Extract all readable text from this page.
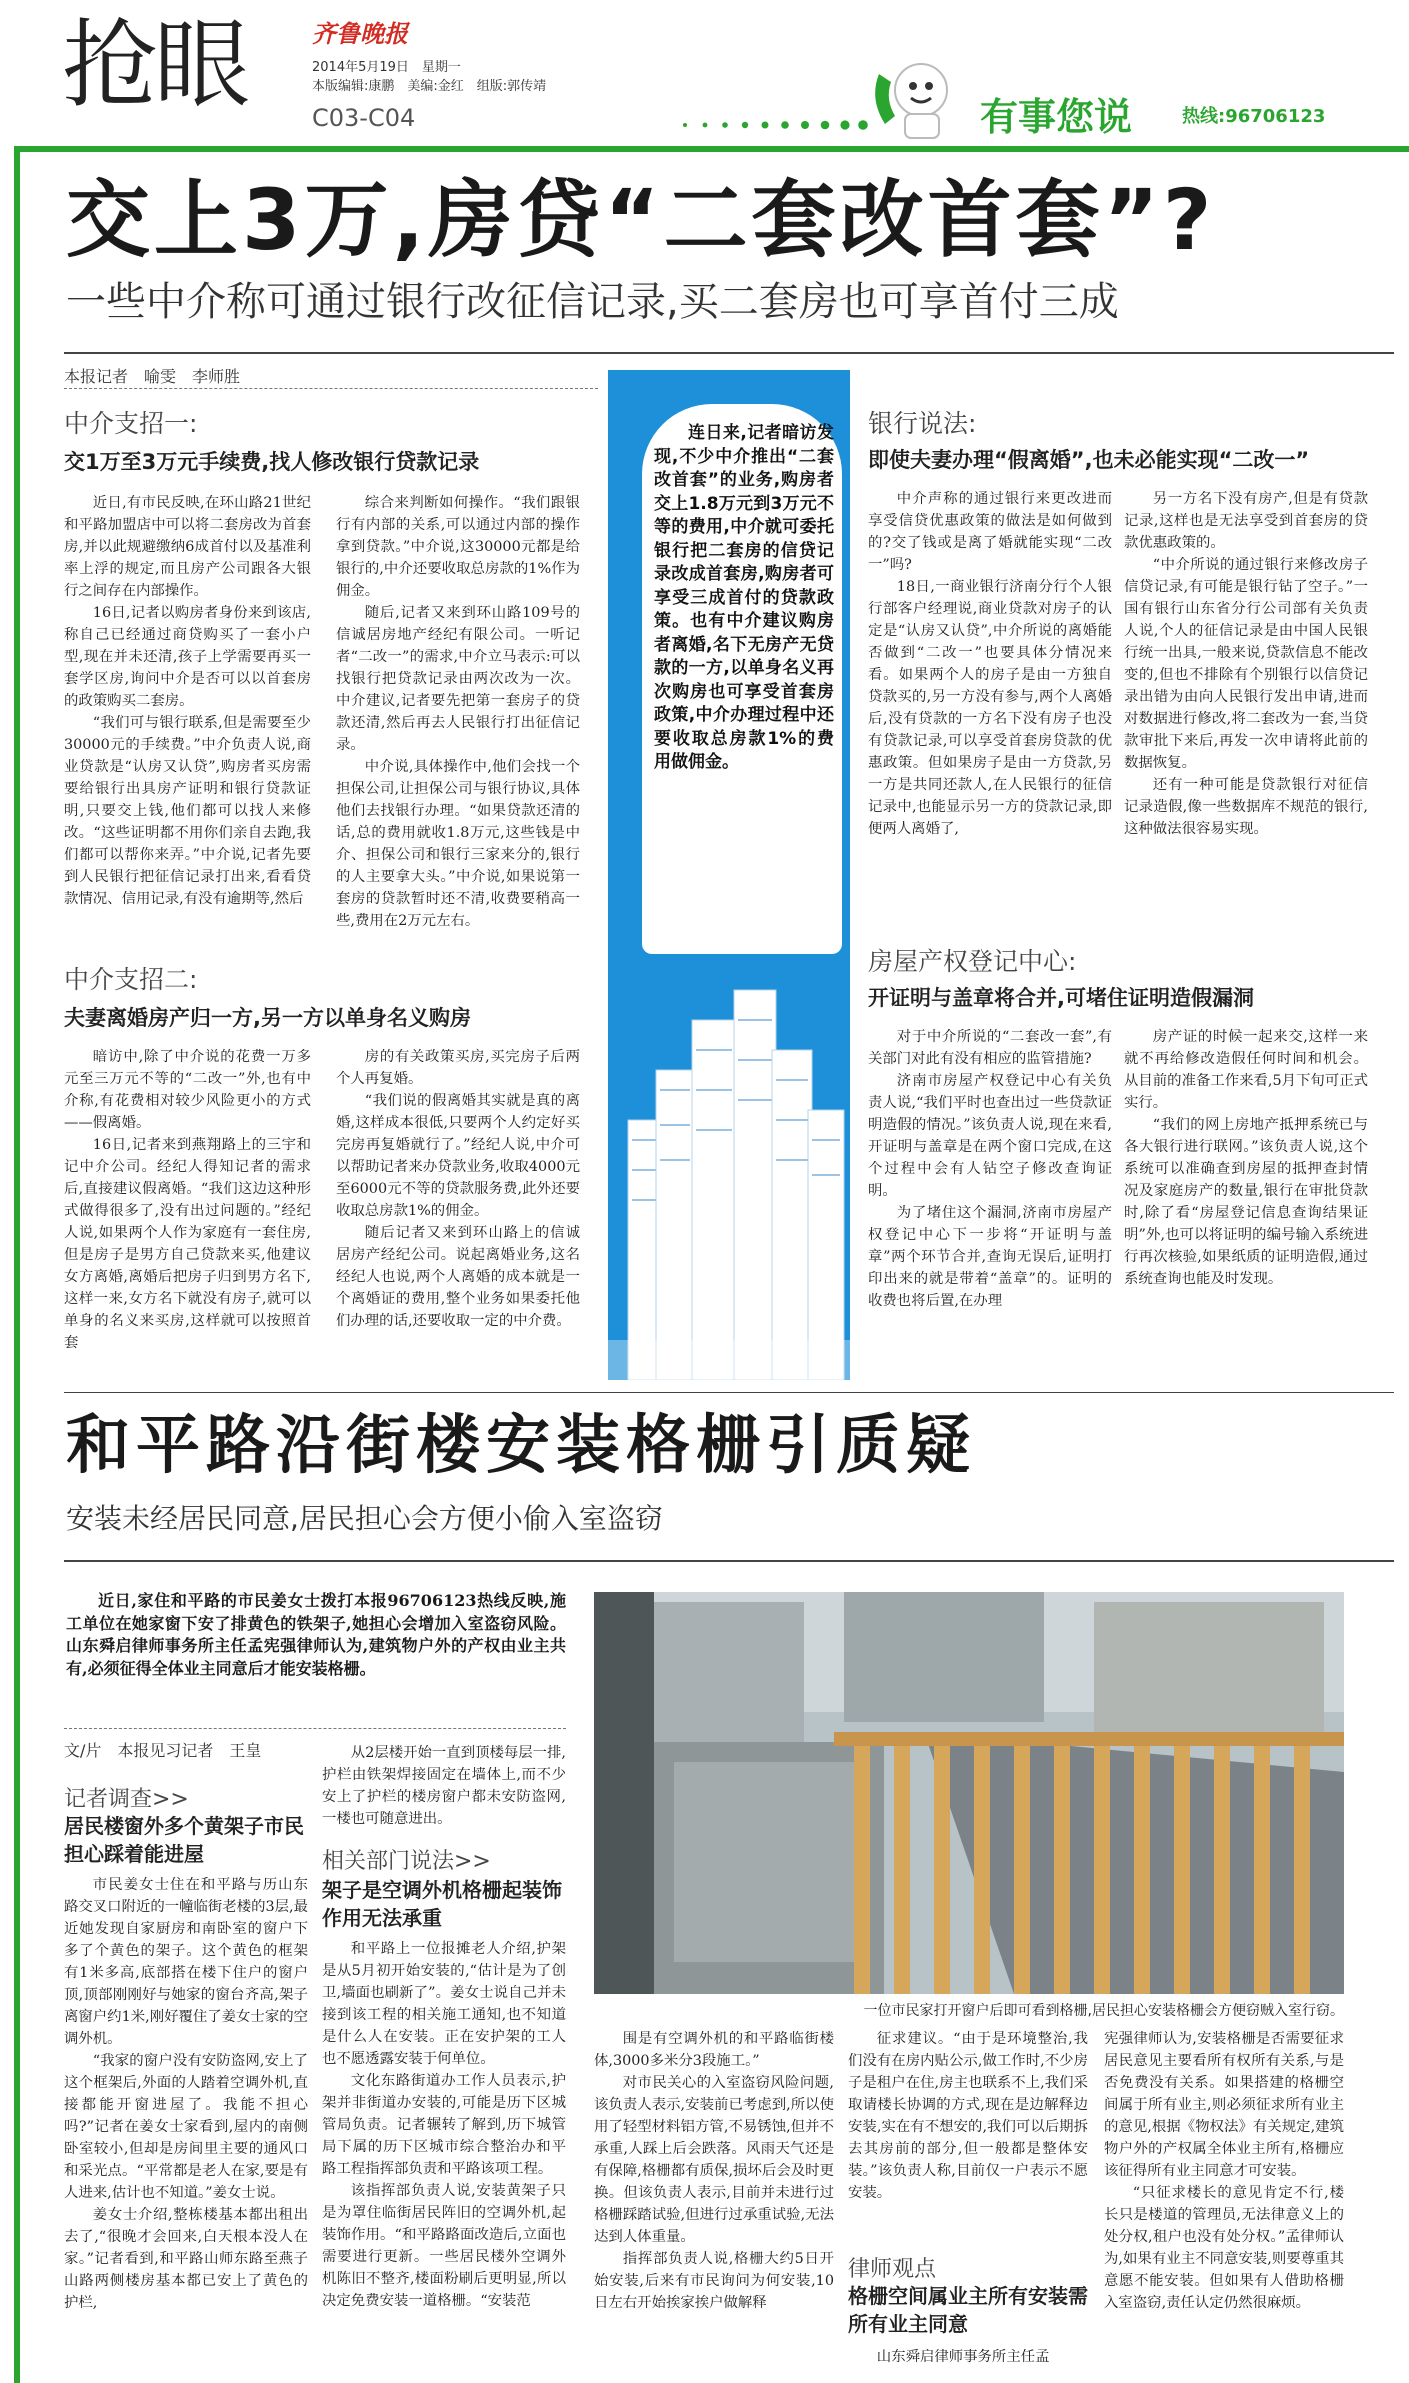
抢眼	齐鲁晚报
2014年5月19日　星期一
本版编辑:康鹏　美编:金红　组版:郭传靖
C03-C04	有事您说	热线:96706123
交上3万,房贷“二套改首套”?
一些中介称可通过银行改征信记录,买二套房也可享首付三成
本报记者　喻雯　李师胜
中介支招一:
交1万至3万元手续费,找人修改银行贷款记录

近日,有市民反映,在环山路21世纪和平路加盟店中可以将二套房改为首套房,并以此规避缴纳6成首付以及基准利率上浮的规定,而且房产公司跟各大银行之间存在内部操作。

16日,记者以购房者身份来到该店,称自己已经通过商贷购买了一套小户型,现在并未还清,孩子上学需要再买一套学区房,询问中介是否可以以首套房的政策购买二套房。

“我们可与银行联系,但是需要至少30000元的手续费。”中介负责人说,商业贷款是“认房又认贷”,购房者买房需要给银行出具房产证明和银行贷款证明,只要交上钱,他们都可以找人来修改。“这些证明都不用你们亲自去跑,我们都可以帮你来弄。”中介说,记者先要到人民银行把征信记录打出来,看看贷款情况、信用记录,有没有逾期等,然后

综合来判断如何操作。“我们跟银行有内部的关系,可以通过内部的操作拿到贷款。”中介说,这30000元都是给银行的,中介还要收取总房款的1%作为佣金。

随后,记者又来到环山路109号的信诚居房地产经纪有限公司。一听记者“二改一”的需求,中介立马表示:可以找银行把贷款记录由两次改为一次。中介建议,记者要先把第一套房子的贷款还清,然后再去人民银行打出征信记录。

中介说,具体操作中,他们会找一个担保公司,让担保公司与银行协议,具体他们去找银行办理。“如果贷款还清的话,总的费用就收1.8万元,这些钱是中介、担保公司和银行三家来分的,银行的人主要拿大头。”中介说,如果说第一套房的贷款暂时还不清,收费要稍高一些,费用在2万元左右。

中介支招二:
夫妻离婚房产归一方,另一方以单身名义购房

暗访中,除了中介说的花费一万多元至三万元不等的“二改一”外,也有中介称,有花费相对较少风险更小的方式——假离婚。

16日,记者来到燕翔路上的三宇和记中介公司。经纪人得知记者的需求后,直接建议假离婚。“我们这边这种形式做得很多了,没有出过问题的。”经纪人说,如果两个人作为家庭有一套住房,但是房子是男方自己贷款来买,他建议女方离婚,离婚后把房子归到男方名下,这样一来,女方名下就没有房子,就可以单身的名义来买房,这样就可以按照首套

房的有关政策买房,买完房子后两个人再复婚。

“我们说的假离婚其实就是真的离婚,这样成本很低,只要两个人约定好买完房再复婚就行了。”经纪人说,中介可以帮助记者来办贷款业务,收取4000元至6000元不等的贷款服务费,此外还要收取总房款1%的佣金。

随后记者又来到环山路上的信诚居房产经纪公司。说起离婚业务,这名经纪人也说,两个人离婚的成本就是一个离婚证的费用,整个业务如果委托他们办理的话,还要收取一定的中介费。

连日来,记者暗访发现,不少中介推出“二套改首套”的业务,购房者交上1.8万元到3万元不等的费用,中介就可委托银行把二套房的信贷记录改成首套房,购房者可享受三成首付的贷款政策。也有中介建议购房者离婚,名下无房产无贷款的一方,以单身名义再次购房也可享受首套房政策,中介办理过程中还要收取总房款1%的费用做佣金。
银行说法:
即使夫妻办理“假离婚”,也未必能实现“二改一”

中介声称的通过银行来更改进而享受信贷优惠政策的做法是如何做到的?交了钱或是离了婚就能实现“二改一”吗?

18日,一商业银行济南分行个人银行部客户经理说,商业贷款对房子的认定是“认房又认贷”,中介所说的离婚能否做到“二改一”也要具体分情况来看。如果两个人的房子是由一方独自贷款买的,另一方没有参与,两个人离婚后,没有贷款的一方名下没有房子也没有贷款记录,可以享受首套房贷款的优惠政策。但如果房子是由一方贷款,另一方是共同还款人,在人民银行的征信记录中,也能显示另一方的贷款记录,即便两人离婚了,

另一方名下没有房产,但是有贷款记录,这样也是无法享受到首套房的贷款优惠政策的。

“中介所说的通过银行来修改房子信贷记录,有可能是银行钻了空子。”一国有银行山东省分行公司部有关负责人说,个人的征信记录是由中国人民银行统一出具,一般来说,贷款信息不能改变的,但也不排除有个别银行以信贷记录出错为由向人民银行发出申请,进而对数据进行修改,将二套改为一套,当贷款审批下来后,再发一次申请将此前的数据恢复。

还有一种可能是贷款银行对征信记录造假,像一些数据库不规范的银行,这种做法很容易实现。

房屋产权登记中心:
开证明与盖章将合并,可堵住证明造假漏洞

对于中介所说的“二套改一套”,有关部门对此有没有相应的监管措施?

济南市房屋产权登记中心有关负责人说,“我们平时也查出过一些贷款证明造假的情况。”该负责人说,现在来看,开证明与盖章是在两个窗口完成,在这个过程中会有人钻空子修改查询证明。

为了堵住这个漏洞,济南市房屋产权登记中心下一步将“开证明与盖章”两个环节合并,查询无误后,证明打印出来的就是带着“盖章”的。证明的收费也将后置,在办理

房产证的时候一起来交,这样一来就不再给修改造假任何时间和机会。从目前的准备工作来看,5月下旬可正式实行。

“我们的网上房地产抵押系统已与各大银行进行联网。”该负责人说,这个系统可以准确查到房屋的抵押查封情况及家庭房产的数量,银行在审批贷款时,除了看“房屋登记信息查询结果证明”外,也可以将证明的编号输入系统进行再次核验,如果纸质的证明造假,通过系统查询也能及时发现。

和平路沿街楼安装格栅引质疑
安装未经居民同意,居民担心会方便小偷入室盗窃

近日,家住和平路的市民姜女士拨打本报96706123热线反映,施工单位在她家窗下安了排黄色的铁架子,她担心会增加入室盗窃风险。山东舜启律师事务所主任孟宪强律师认为,建筑物户外的产权由业主共有,必须征得全体业主同意后才能安装格栅。

文/片　本报见习记者　王皇
一位市民家打开窗户后即可看到格栅,居民担心安装格栅会方便窃贼入室行窃。
记者调查>>
居民楼窗外多个黄架子市民担心踩着能进屋

市民姜女士住在和平路与历山东路交叉口附近的一幢临街老楼的3层,最近她发现自家厨房和南卧室的窗户下多了个黄色的架子。这个黄色的框架有1米多高,底部搭在楼下住户的窗户顶,顶部刚刚好与她家的窗台齐高,架子离窗户约1米,刚好覆住了姜女士家的空调外机。

“我家的窗户没有安防盗网,安上了这个框架后,外面的人踏着空调外机,直接都能开窗进屋了。我能不担心吗?”记者在姜女士家看到,屋内的南侧卧室较小,但却是房间里主要的通风口和采光点。“平常都是老人在家,要是有人进来,估计也不知道。”姜女士说。

姜女士介绍,整栋楼基本都出租出去了,“很晚才会回来,白天根本没人在家。”记者看到,和平路山师东路至燕子山路两侧楼房基本都已安上了黄色的护栏,

从2层楼开始一直到顶楼每层一排,护栏由铁架焊接固定在墙体上,而不少安上了护栏的楼房窗户都未安防盗网,一楼也可随意进出。

相关部门说法>>
架子是空调外机格栅起装饰作用无法承重

和平路上一位报摊老人介绍,护架是从5月初开始安装的,“估计是为了创卫,墙面也刷新了”。姜女士说自己并未接到该工程的相关施工通知,也不知道是什么人在安装。正在安护架的工人也不愿透露安装于何单位。

文化东路街道办工作人员表示,护架并非街道办安装的,可能是历下区城管局负责。记者辗转了解到,历下城管局下属的历下区城市综合整治办和平路工程指挥部负责和平路该项工程。

该指挥部负责人说,安装黄架子只是为罩住临街居民阵旧的空调外机,起装饰作用。“和平路路面改造后,立面也需要进行更新。一些居民楼外空调外机陈旧不整齐,楼面粉刷后更明显,所以决定免费安装一道格栅。“安装范

围是有空调外机的和平路临街楼体,3000多米分3段施工。”

对市民关心的入室盗窃风险问题,该负责人表示,安装前已考虑到,所以使用了轻型材料铝方管,不易锈蚀,但并不承重,人踩上后会跌落。风雨天气还是有保障,格栅都有质保,损坏后会及时更换。但该负责人表示,目前并未进行过格栅踩踏试验,但进行过承重试验,无法达到人体重量。

指挥部负责人说,格栅大约5日开始安装,后来有市民询问为何安装,10日左右开始挨家挨户做解释

征求建议。“由于是环境整治,我们没有在房内贴公示,做工作时,不少房子是租户在住,房主也联系不上,我们采取请楼长协调的方式,现在是边解释边安装,实在有不想安的,我们可以后期拆去其房前的部分,但一般都是整体安装。”该负责人称,目前仅一户表示不愿安装。

律师观点
格栅空间属业主所有安装需所有业主同意

山东舜启律师事务所主任孟

宪强律师认为,安装格栅是否需要征求居民意见主要看所有权所有关系,与是否免费没有关系。如果搭建的格栅空间属于所有业主,则必须征求所有业主的意见,根据《物权法》有关规定,建筑物户外的产权属全体业主所有,格栅应该征得所有业主同意才可安装。

“只征求楼长的意见肯定不行,楼长只是楼道的管理员,无法律意义上的处分权,租户也没有处分权。”孟律师认为,如果有业主不同意安装,则要尊重其意愿不能安装。但如果有人借助格栅入室盗窃,责任认定仍然很麻烦。
